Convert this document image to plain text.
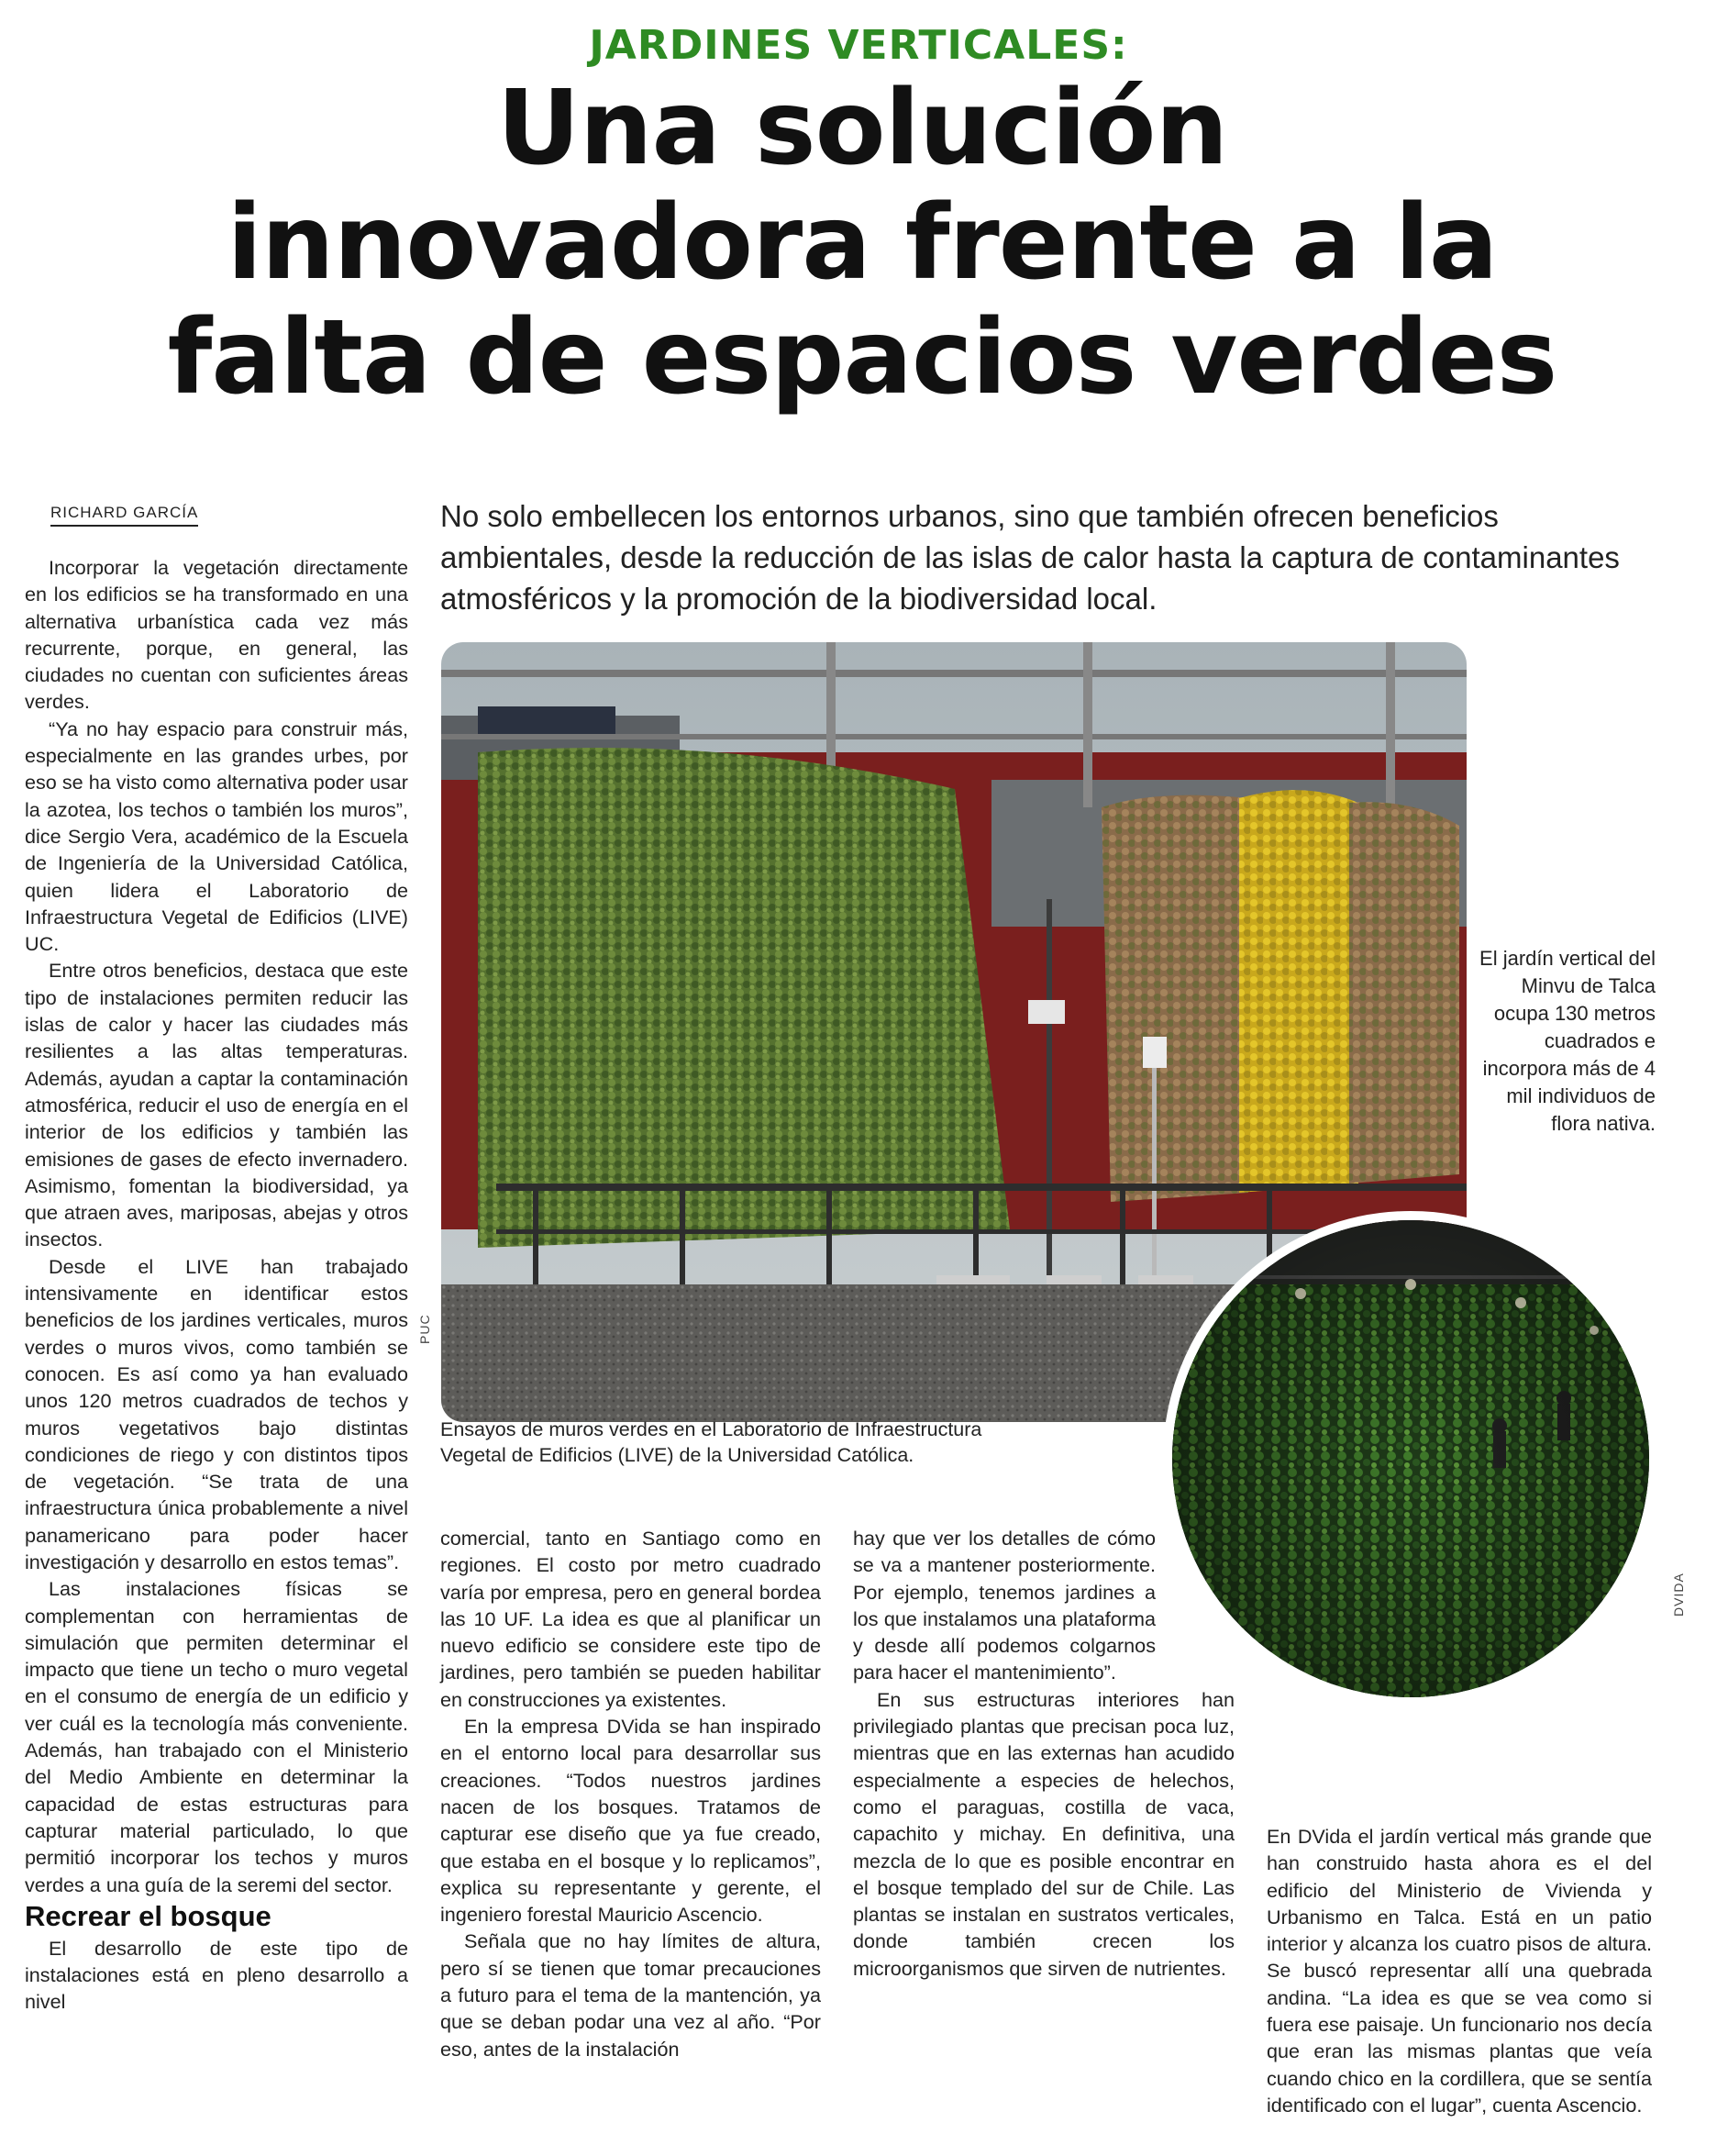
JARDINES VERTICALES:
Una solución
innovadora frente a la
falta de espacios verdes
RICHARD GARCÍA	No solo embellecen los entornos urbanos, sino que también ofrecen beneficios ambientales, desde la reducción de las islas de calor hasta la captura de contaminantes atmosféricos y la promoción de la biodiversidad local.

Incorporar la vegetación directamente en los edificios se ha transformado en una alternativa urbanística cada vez más recurrente, porque, en general, las ciudades no cuentan con suficientes áreas verdes.

“Ya no hay espacio para construir más, especialmente en las grandes urbes, por eso se ha visto como alternativa poder usar la azotea, los techos o también los muros”, dice Sergio Vera, académico de la Escuela de Ingeniería de la Universidad Católica, quien lidera el Laboratorio de Infraestructura Vegetal de Edificios (LIVE) UC.

Entre otros beneficios, destaca que este tipo de instalaciones permiten reducir las islas de calor y hacer las ciudades más resilientes a las altas temperaturas. Además, ayudan a captar la contaminación atmosférica, reducir el uso de energía en el interior de los edificios y también las emisiones de gases de efecto invernadero. Asimismo, fomentan la biodiversidad, ya que atraen aves, mariposas, abejas y otros insectos.

Desde el LIVE han trabajado intensivamente en identificar estos beneficios de los jardines verticales, muros verdes o muros vivos, como también se conocen. Es así como ya han evaluado unos 120 metros cuadrados de techos y muros vegetativos bajo distintas condiciones de riego y con distintos tipos de vegetación. “Se trata de una infraestructura única probablemente a nivel panamericano para poder hacer investigación y desarrollo en estos temas”.

Las instalaciones físicas se complementan con herramientas de simulación que permiten determinar el impacto que tiene un techo o muro vegetal en el consumo de energía de un edificio y ver cuál es la tecnología más conveniente. Además, han trabajado con el Ministerio del Medio Ambiente en determinar la capacidad de estas estructuras para capturar material particulado, lo que permitió incorporar los techos y muros verdes a una guía de la seremi del sector.

Recrear el bosque

El desarrollo de este tipo de instalaciones está en pleno desarrollo a nivel

PUC
Ensayos de muros verdes en el Laboratorio de Infraestructura Vegetal de Edificios (LIVE) de la Universidad Católica.
El jardín vertical del Minvu de Talca ocupa 130 metros cuadrados e incorpora más de 4 mil individuos de flora nativa.

comercial, tanto en Santiago como en regiones. El costo por metro cuadrado varía por empresa, pero en general bordea las 10 UF. La idea es que al planificar un nuevo edificio se considere este tipo de jardines, pero también se pueden habilitar en construcciones ya existentes.

En la empresa DVida se han inspirado en el entorno local para desarrollar sus creaciones. “Todos nuestros jardines nacen de los bosques. Tratamos de capturar ese diseño que ya fue creado, que estaba en el bosque y lo replicamos”, explica su representante y gerente, el ingeniero forestal Mauricio Ascencio.

Señala que no hay límites de altura, pero sí se tienen que tomar precauciones a futuro para el tema de la mantención, ya que se deban podar una vez al año. “Por eso, antes de la instalación

hay que ver los detalles de cómo se va a mantener posteriormente. Por ejemplo, tenemos jardines a los que instalamos una plataforma y desde allí podemos colgarnos para hacer el mantenimiento”.

En sus estructuras interiores han privilegiado plantas que precisan poca luz, mientras que en las externas han acudido especialmente a especies de helechos, como el paraguas, costilla de vaca, capachito y michay. En definitiva, una mezcla de lo que es posible encontrar en el bosque templado del sur de Chile. Las plantas se instalan en sustratos verticales, donde también crecen los microorganismos que sirven de nutrientes.

En DVida el jardín vertical más grande que han construido hasta ahora es el del edificio del Ministerio de Vivienda y Urbanismo en Talca. Está en un patio interior y alcanza los cuatro pisos de altura. Se buscó representar allí una quebrada andina. “La idea es que se vea como si fuera ese paisaje. Un funcionario nos decía que eran las mismas plantas que veía cuando chico en la cordillera, que se sentía identificado con el lugar”, cuenta Ascencio.

DVIDA
